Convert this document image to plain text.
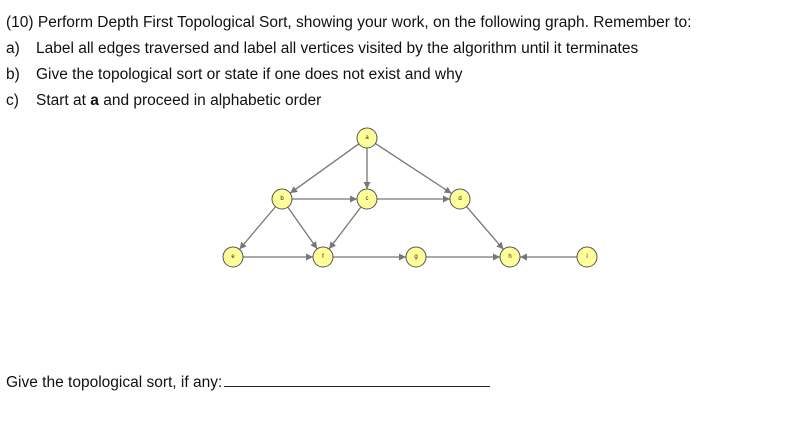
(10) Perform Depth First Topological Sort, showing your work, on the following graph. Remember to:
a) Label all edges traversed and label all vertices visited by the algorithm until it terminates
b) Give the topological sort or state if one does not exist and why
c) Start at a and proceed in alphabetic order
a
b	c	d
e	f	g	h	i
Give the topological sort, if any:
